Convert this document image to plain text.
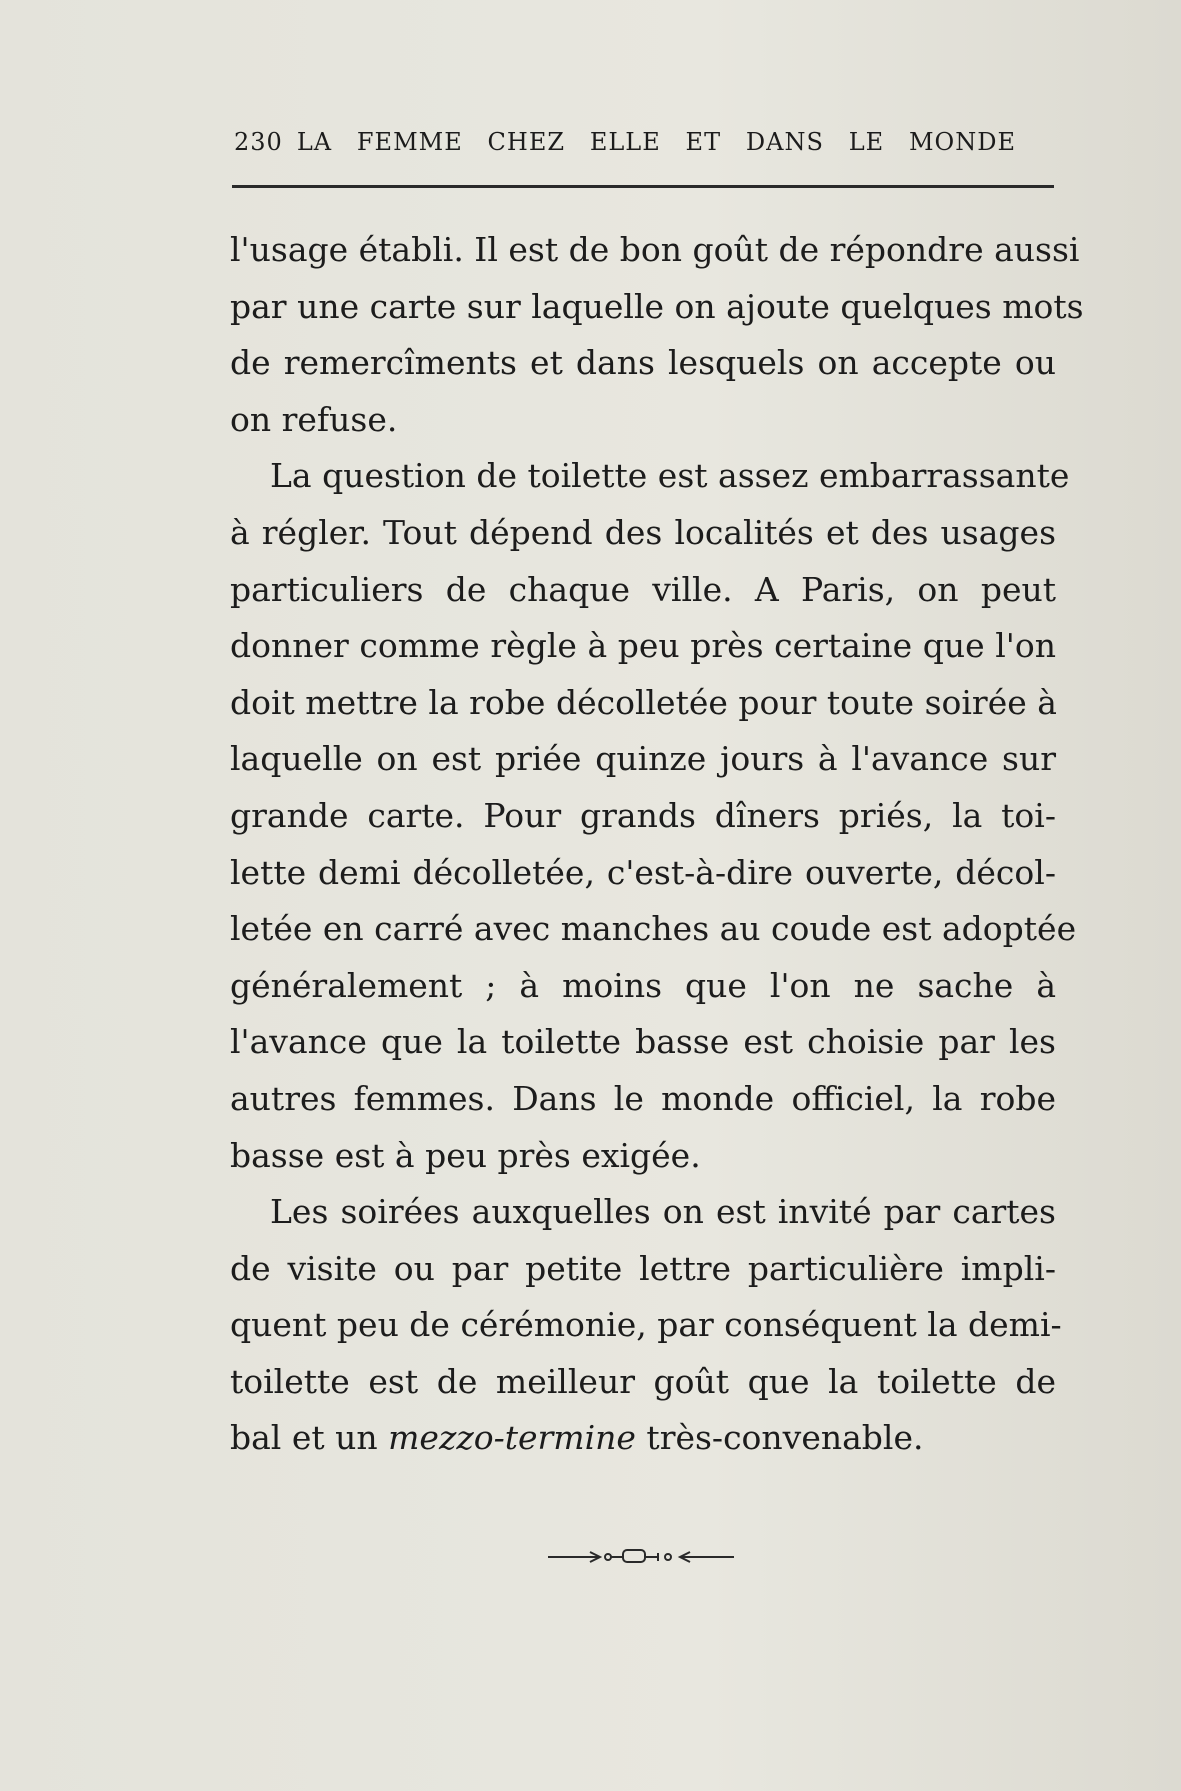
230 LA FEMME CHEZ ELLE ET DANS LE MONDE
l'usage établi. Il est de bon goût de répondre aussi
par une carte sur laquelle on ajoute quelques mots
de remercîments et dans lesquels on accepte ou
on refuse.
La question de toilette est assez embarrassante
à régler. Tout dépend des localités et des usages
particuliers de chaque ville. A Paris, on peut
donner comme règle à peu près certaine que l'on
doit mettre la robe décolletée pour toute soirée à
laquelle on est priée quinze jours à l'avance sur
grande carte. Pour grands dîners priés, la toi-
lette demi décolletée, c'est-à-dire ouverte, décol-
letée en carré avec manches au coude est adoptée
généralement ; à moins que l'on ne sache à
l'avance que la toilette basse est choisie par les
autres femmes. Dans le monde officiel, la robe
basse est à peu près exigée.
Les soirées auxquelles on est invité par cartes
de visite ou par petite lettre particulière impli-
quent peu de cérémonie, par conséquent la demi-
toilette est de meilleur goût que la toilette de
bal et un mezzo-termine très-convenable.
